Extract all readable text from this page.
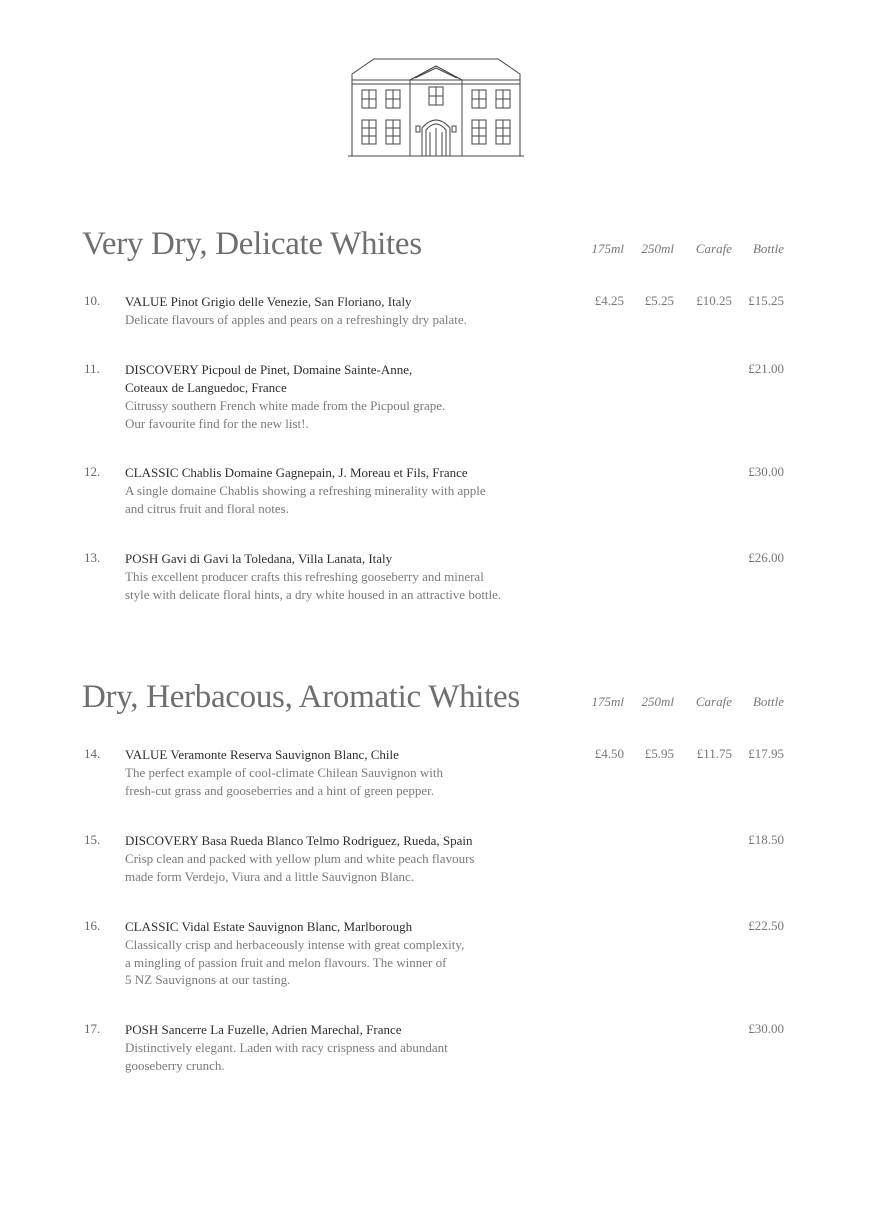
Very Dry, Delicate Whites	175ml 250ml Carafe Bottle
Dry, Herbacous, Aromatic Whites	175ml 250ml Carafe Bottle
10. VALUE Pinot Grigio delle Venezie, San Floriano, Italy
Delicate flavours of apples and pears on a refreshingly dry palate.
£4.25 £5.25 £10.25 £15.25
11. DISCOVERY Picpoul de Pinet, Domaine Sainte-Anne,
Coteaux de Languedoc, France
Citrussy southern French white made from the Picpoul grape.
Our favourite find for the new list!.
£21.00
12. CLASSIC Chablis Domaine Gagnepain, J. Moreau et Fils, France
A single domaine Chablis showing a refreshing minerality with apple
and citrus fruit and floral notes.
£30.00
13. POSH Gavi di Gavi la Toledana, Villa Lanata, Italy
This excellent producer crafts this refreshing gooseberry and mineral
style with delicate floral hints, a dry white housed in an attractive bottle.
£26.00
14. VALUE Veramonte Reserva Sauvignon Blanc, Chile
The perfect example of cool-climate Chilean Sauvignon with
fresh-cut grass and gooseberries and a hint of green pepper.
£4.50 £5.95 £11.75 £17.95
15. DISCOVERY Basa Rueda Blanco Telmo Rodriguez, Rueda, Spain
Crisp clean and packed with yellow plum and white peach flavours
made form Verdejo, Viura and a little Sauvignon Blanc.
£18.50
16. CLASSIC Vidal Estate Sauvignon Blanc, Marlborough
Classically crisp and herbaceously intense with great complexity,
a mingling of passion fruit and melon flavours. The winner of
5 NZ Sauvignons at our tasting.
£22.50
17. POSH Sancerre La Fuzelle, Adrien Marechal, France
Distinctively elegant. Laden with racy crispness and abundant
gooseberry crunch.
£30.00
